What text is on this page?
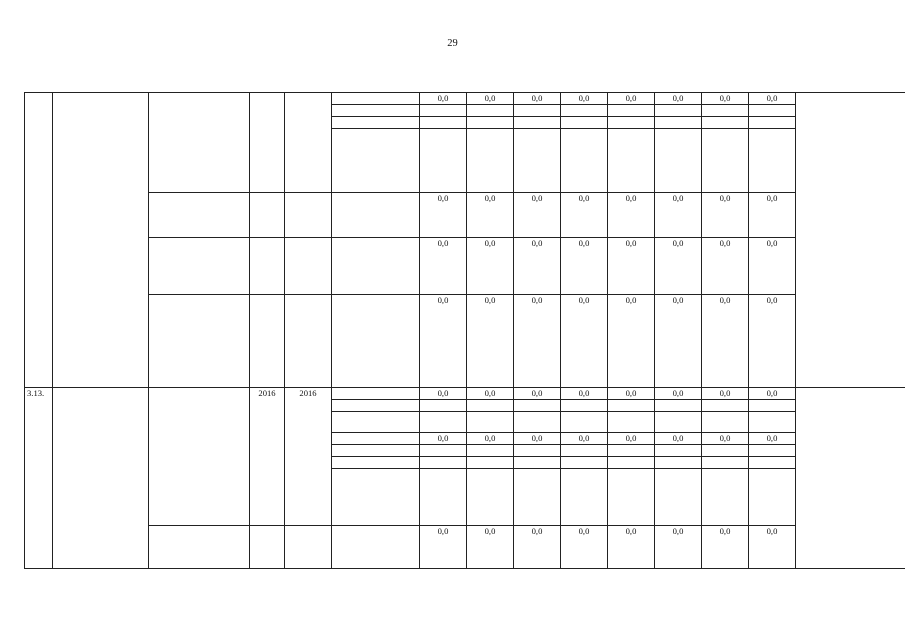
29
						0,0	0,0	0,0	0,0	0,0	0,0	0,0	0,0	

						0,0	0,0	0,0	0,0	0,0	0,0	0,0	0,0	
						0,0	0,0	0,0	0,0	0,0	0,0	0,0	0,0	
						0,0	0,0	0,0	0,0	0,0	0,0	0,0	0,0	
3.13.			2016	2016		0,0	0,0	0,0	0,0	0,0	0,0	0,0	0,0	

						0,0	0,0	0,0	0,0	0,0	0,0	0,0	0,0	

						0,0	0,0	0,0	0,0	0,0	0,0	0,0	0,0	
